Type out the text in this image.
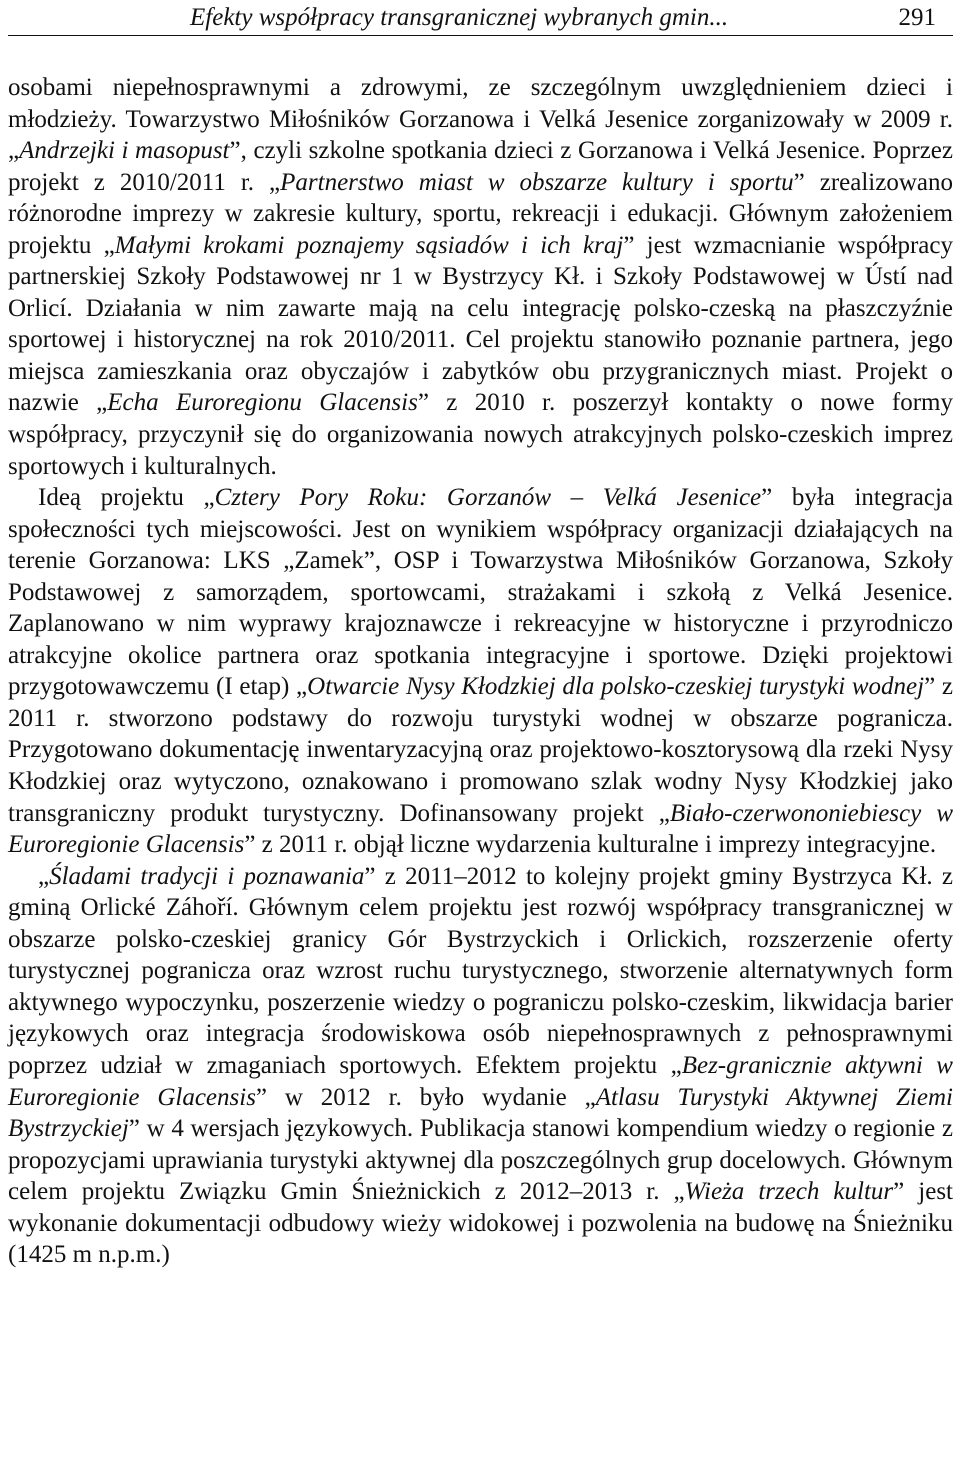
Efekty współpracy transgranicznej wybranych gmin...	291

osobami niepełnosprawnymi a zdrowymi, ze szczególnym uwzględnieniem dzieci i młodzieży. Towarzystwo Miłośników Gorzanowa i Velká Jesenice zorganizowały w 2009 r. „Andrzejki i masopust”, czyli szkolne spotkania dzieci z Gorzanowa i Velká Jesenice. Poprzez projekt z 2010/2011 r. „Partnerstwo miast w obszarze kultury i sportu” zrealizowano różnorodne imprezy w zakresie kultury, sportu, rekreacji i edukacji. Głównym założeniem projektu „Małymi krokami poznajemy sąsiadów i ich kraj” jest wzmacnianie współpracy partnerskiej Szkoły Podstawowej nr 1 w Bystrzycy Kł. i Szkoły Podstawowej w Ústí nad Orlicí. Działania w nim zawarte mają na celu integrację polsko-czeską na płaszczyźnie sportowej i historycznej na rok 2010/2011. Cel projektu stanowiło poznanie partnera, jego miejsca zamieszkania oraz obyczajów i zabytków obu przygranicznych miast. Projekt o nazwie „Echa Euroregionu Glacensis” z 2010 r. poszerzył kontakty o nowe formy współpracy, przyczynił się do organizowania nowych atrakcyjnych polsko-czeskich imprez sportowych i kulturalnych.

Ideą projektu „Cztery Pory Roku: Gorzanów – Velká Jesenice” była integracja społeczności tych miejscowości. Jest on wynikiem współpracy organizacji działających na terenie Gorzanowa: LKS „Zamek”, OSP i Towarzystwa Miłośników Gorzanowa, Szkoły Podstawowej z samorządem, sportowcami, strażakami i szkołą z Velká Jesenice. Zaplanowano w nim wyprawy krajoznawcze i rekreacyjne w historyczne i przyrodniczo atrakcyjne okolice partnera oraz spotkania integracyjne i sportowe. Dzięki projektowi przygotowawczemu (I etap) „Otwarcie Nysy Kłodzkiej dla polsko-czeskiej turystyki wodnej” z 2011 r. stworzono podstawy do rozwoju turystyki wodnej w obszarze pogranicza. Przygotowano dokumentację inwentaryzacyjną oraz projektowo-kosztorysową dla rzeki Nysy Kłodzkiej oraz wytyczono, oznakowano i promowano szlak wodny Nysy Kłodzkiej jako transgraniczny produkt turystyczny. Dofinansowany projekt „Biało-czerwononiebiescy w Euroregionie Glacensis” z 2011 r. objął liczne wydarzenia kulturalne i imprezy integracyjne.

„Śladami tradycji i poznawania” z 2011–2012 to kolejny projekt gminy Bystrzyca Kł. z gminą Orlické Záhoří. Głównym celem projektu jest rozwój współpracy transgranicznej w obszarze polsko-czeskiej granicy Gór Bystrzyckich i Orlickich, rozszerzenie oferty turystycznej pogranicza oraz wzrost ruchu turystycznego, stworzenie alternatywnych form aktywnego wypoczynku, poszerzenie wiedzy o pograniczu polsko-czeskim, likwidacja barier językowych oraz integracja środowiskowa osób niepełnosprawnych z pełnosprawnymi poprzez udział w zmaganiach sportowych. Efektem projektu „Bez-granicznie aktywni w Euroregionie Glacensis” w 2012 r. było wydanie „Atlasu Turystyki Aktywnej Ziemi Bystrzyckiej” w 4 wersjach językowych. Publikacja stanowi kompendium wiedzy o regionie z propozycjami uprawiania turystyki aktywnej dla poszczególnych grup docelowych. Głównym celem projektu Związku Gmin Śnieżnickich z 2012–2013 r. „Wieża trzech kultur” jest wykonanie dokumentacji odbudowy wieży widokowej i pozwolenia na budowę na Śnieżniku (1425 m n.p.m.)
